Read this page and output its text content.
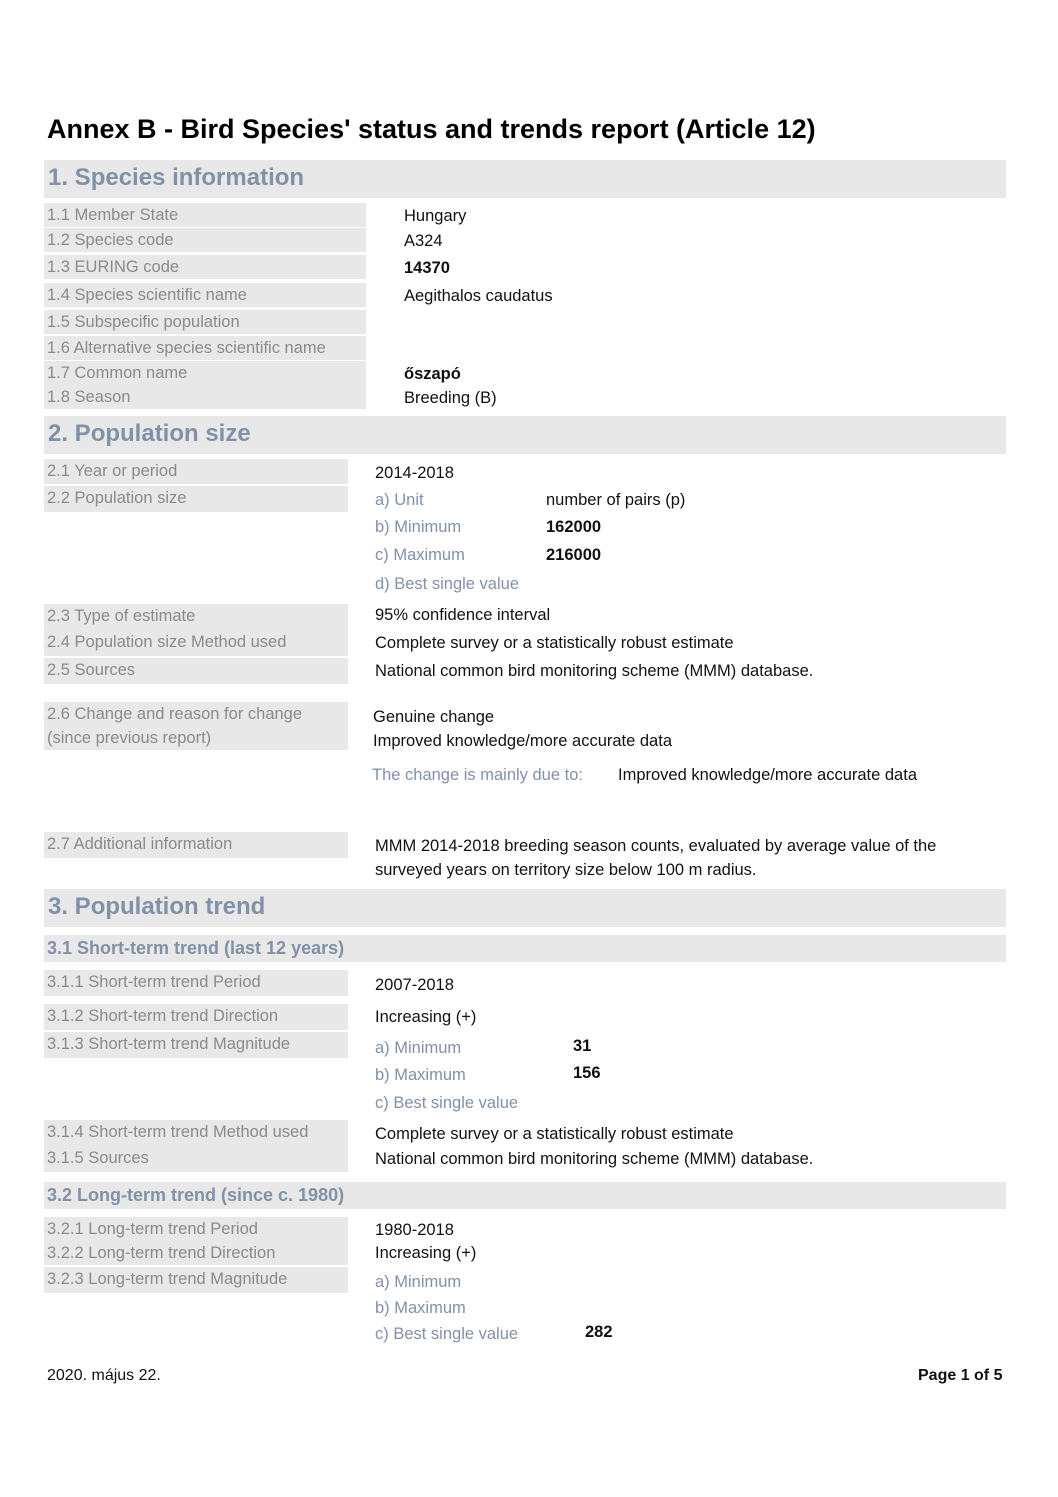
Annex B - Bird Species' status and trends report (Article 12)
1. Species information
1.1 Member State	Hungary
1.2 Species code	A324
1.3 EURING code	14370
1.4 Species scientific name	Aegithalos caudatus
1.5 Subspecific population
1.6 Alternative species scientific name
1.7 Common name	őszapó
1.8 Season	Breeding (B)
2. Population size
2.1 Year or period	2014-2018
2.2 Population size	a) Unit	number of pairs (p)
b) Minimum	162000
c) Maximum	216000
d) Best single value
2.3 Type of estimate	95% confidence interval
2.4 Population size Method used	Complete survey or a statistically robust estimate
2.5 Sources	National common bird monitoring scheme (MMM) database.
2.6 Change and reason for change (since previous report)
Genuine change
Improved knowledge/more accurate data
The change is mainly due to: Improved knowledge/more accurate data
2.7 Additional information	MMM 2014-2018 breeding season counts, evaluated by average value of the
surveyed years on territory size below 100 m radius.
3. Population trend
3.1 Short-term trend (last 12 years)
3.1.1 Short-term trend Period	2007-2018
3.1.2 Short-term trend Direction	Increasing (+)
3.1.3 Short-term trend Magnitude	a) Minimum	31
b) Maximum	156
c) Best single value
3.1.4 Short-term trend Method used	Complete survey or a statistically robust estimate
3.1.5 Sources	National common bird monitoring scheme (MMM) database.
3.2 Long-term trend (since c. 1980)
3.2.1 Long-term trend Period	1980-2018
3.2.2 Long-term trend Direction	Increasing (+)
3.2.3 Long-term trend Magnitude	a) Minimum
b) Maximum
c) Best single value	282
2020. május 22.	Page 1 of 5
